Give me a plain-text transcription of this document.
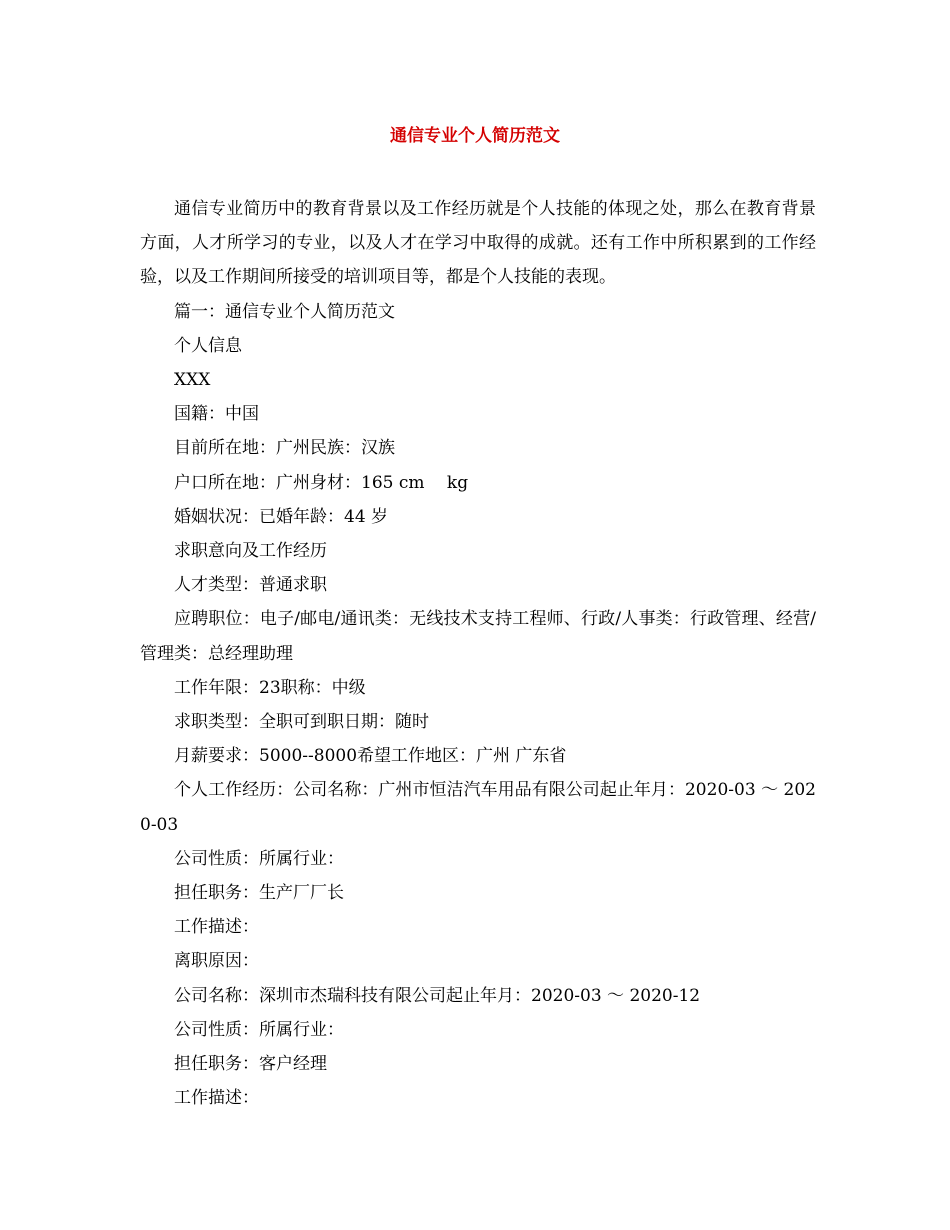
通信专业个人简历范文

通信专业简历中的教育背景以及工作经历就是个人技能的体现之处，那么在教育背景方面，人才所学习的专业，以及人才在学习中取得的成就。还有工作中所积累到的工作经验，以及工作期间所接受的培训项目等，都是个人技能的表现。

篇一：通信专业个人简历范文

个人信息

XXX

国籍：中国

目前所在地：广州民族：汉族

户口所在地：广州身材：165 cm　 kg

婚姻状况：已婚年龄：44 岁

求职意向及工作经历

人才类型：普通求职

应聘职位：电子/邮电/通讯类：无线技术支持工程师、行政/人事类：行政管理、经营/管理类：总经理助理

工作年限：23职称：中级

求职类型：全职可到职日期：随时

月薪要求：5000--8000希望工作地区：广州 广东省

个人工作经历：公司名称：广州市恒洁汽车用品有限公司起止年月：2020-03 ～ 2020-03

公司性质：所属行业：

担任职务：生产厂厂长

工作描述：

离职原因：

公司名称：深圳市杰瑞科技有限公司起止年月：2020-03 ～ 2020-12

公司性质：所属行业：

担任职务：客户经理

工作描述：
